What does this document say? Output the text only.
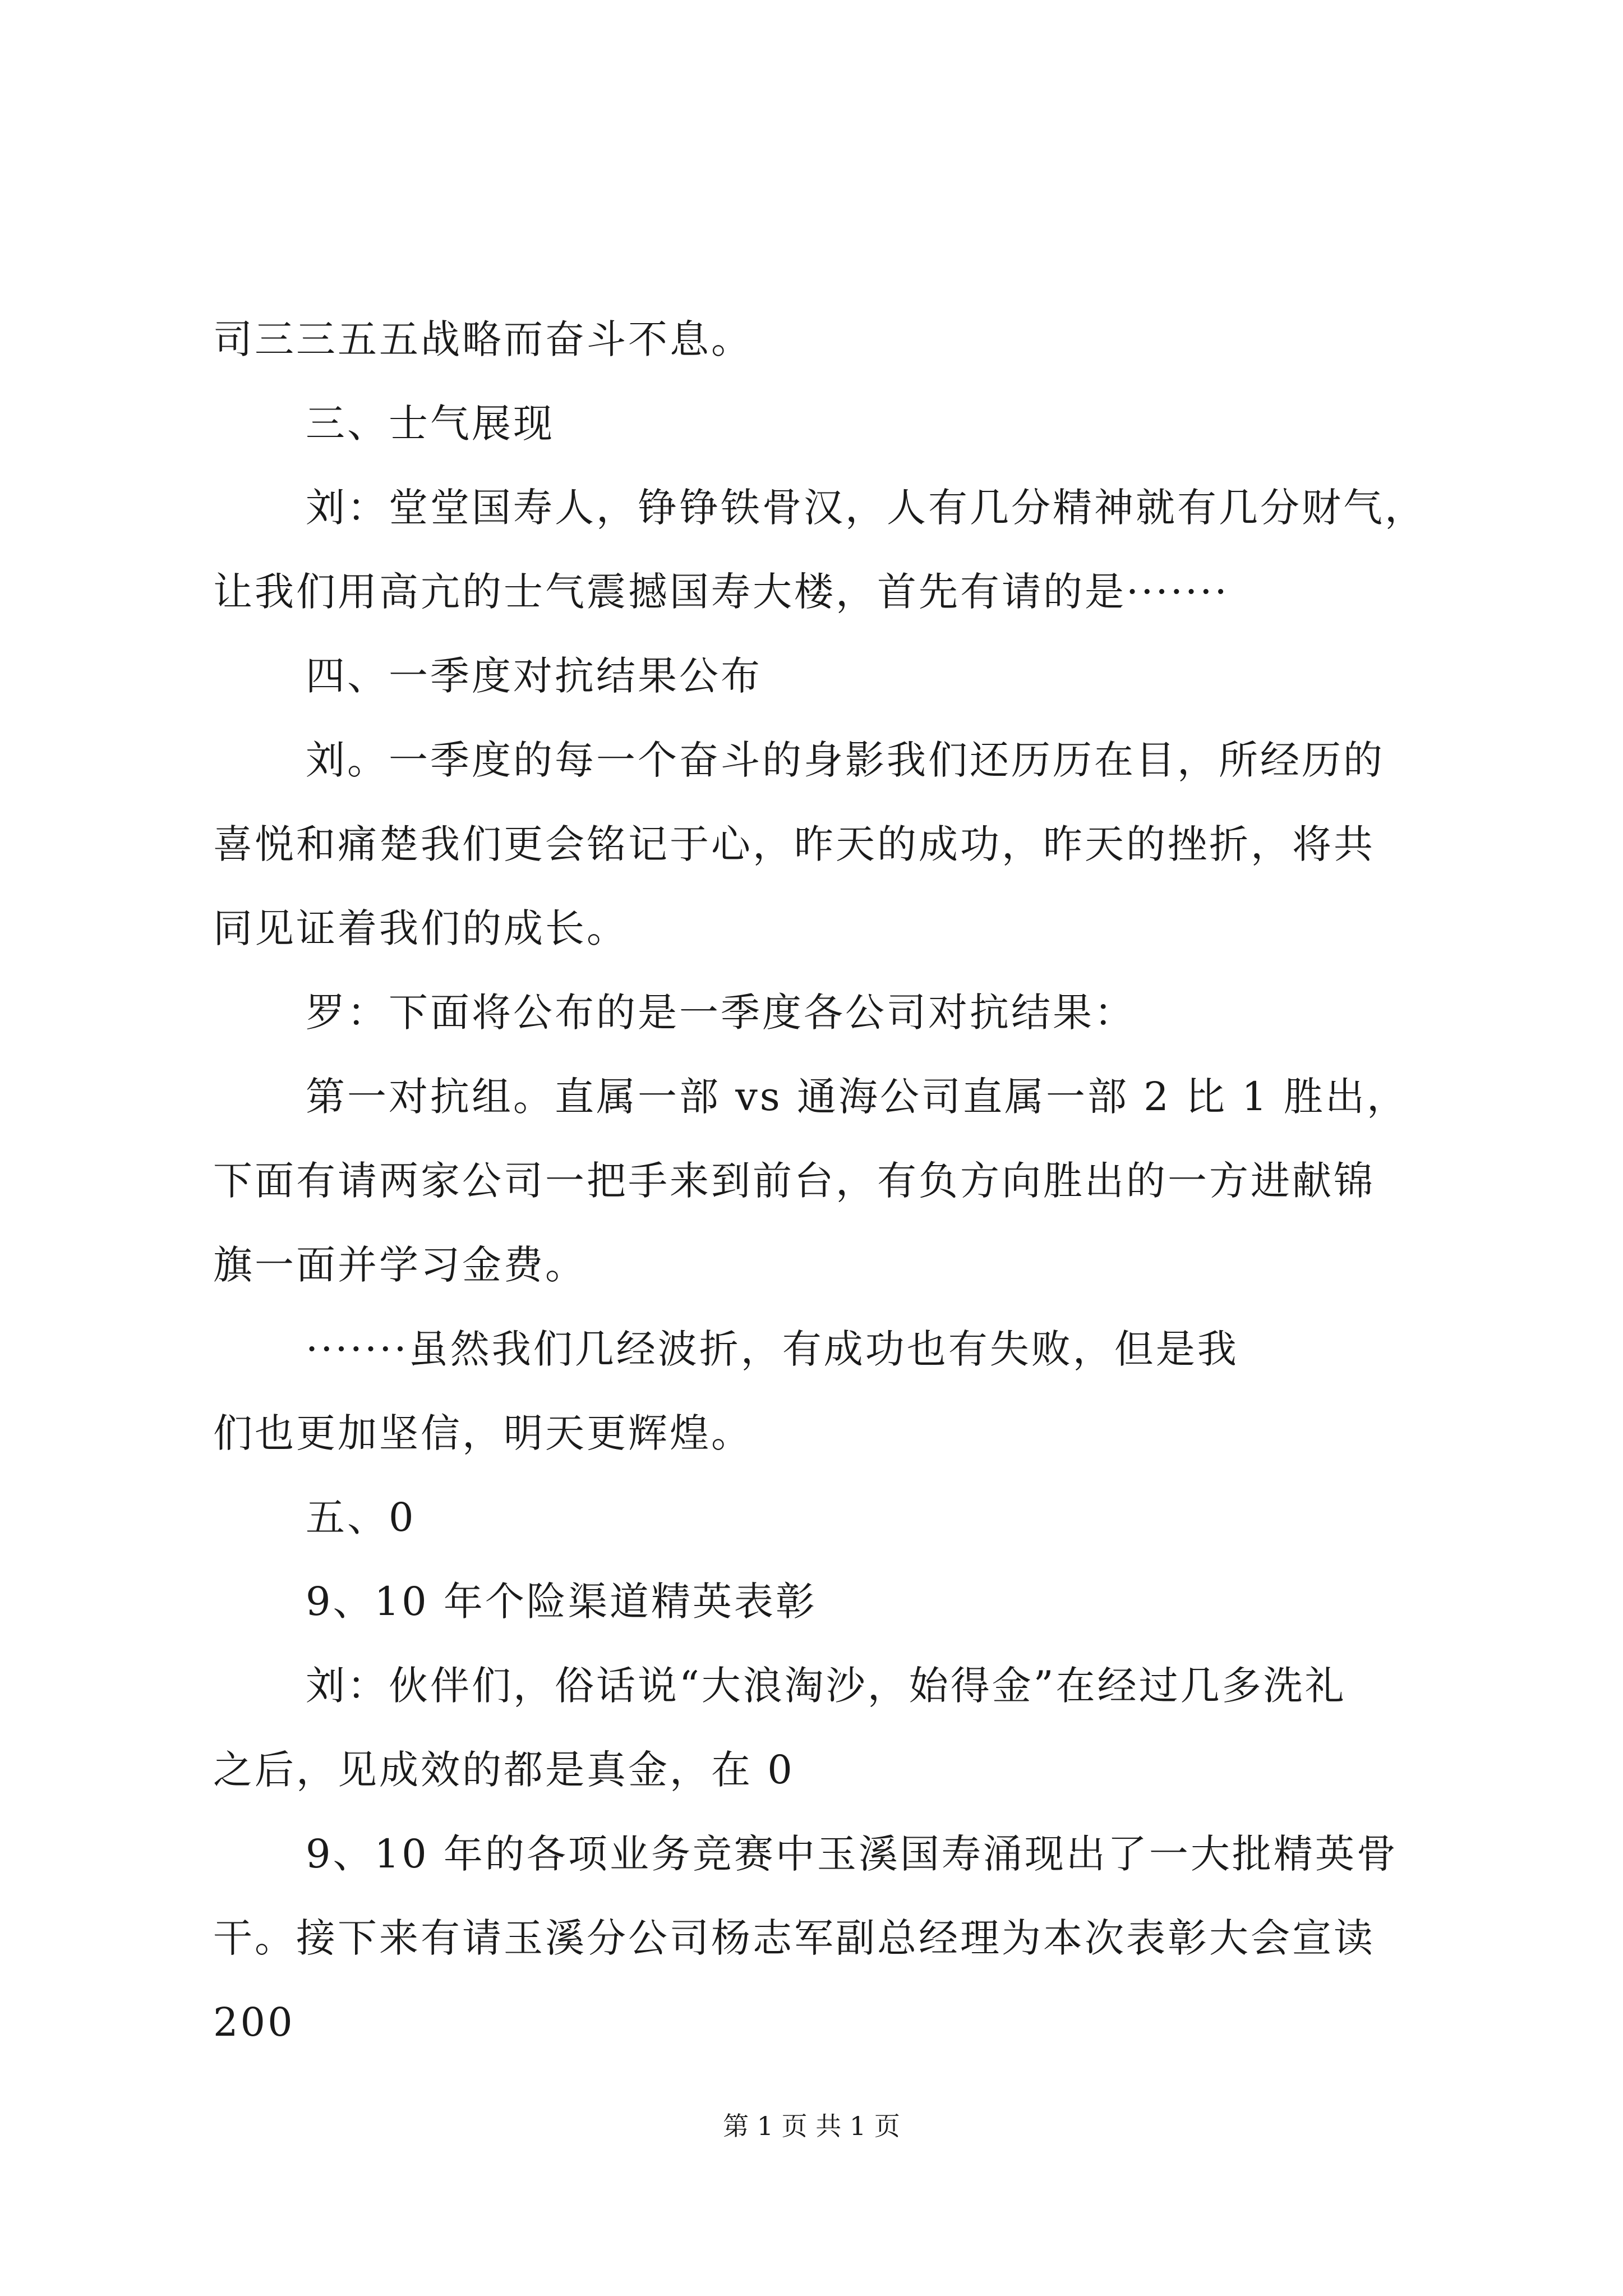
司三三五五战略而奋斗不息。
三、士气展现
刘：堂堂国寿人，铮铮铁骨汉，人有几分精神就有几分财气，
让我们用高亢的士气震撼国寿大楼，首先有请的是·······
四、一季度对抗结果公布
刘。一季度的每一个奋斗的身影我们还历历在目，所经历的
喜悦和痛楚我们更会铭记于心，昨天的成功，昨天的挫折，将共
同见证着我们的成长。
罗：下面将公布的是一季度各公司对抗结果：
第一对抗组。直属一部 vs 通海公司直属一部 2 比 1 胜出，
下面有请两家公司一把手来到前台，有负方向胜出的一方进献锦
旗一面并学习金费。
·······虽然我们几经波折，有成功也有失败，但是我
们也更加坚信，明天更辉煌。
五、0
9、10 年个险渠道精英表彰
刘：伙伴们，俗话说“大浪淘沙，始得金”在经过几多洗礼
之后，见成效的都是真金，在 0
9、10 年的各项业务竞赛中玉溪国寿涌现出了一大批精英骨
干。接下来有请玉溪分公司杨志军副总经理为本次表彰大会宣读
200
第 1 页 共 1 页
